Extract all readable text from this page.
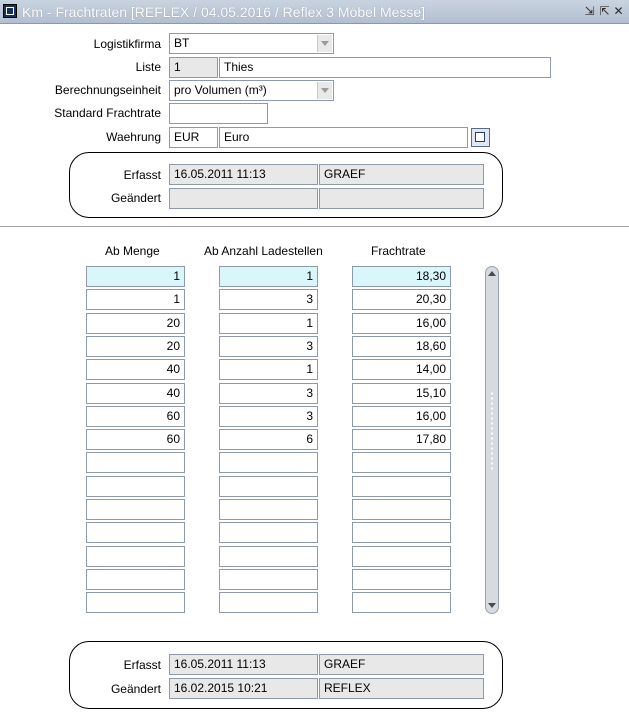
Km - Frachtraten [REFLEX / 04.05.2016 / Reflex 3 Möbel Messe]	⇲ ⇱ ✕
Logistikfirma	BT
Liste	1	Thies
Berechnungseinheit	pro Volumen (m³)
Standard Frachtrate
Waehrung	EUR	Euro
Erfasst	16.05.2011 11:13	GRAEF
Geändert
Ab Menge	Ab Anzahl Ladestellen	Frachtrate
1	1	18,30
1	3	20,30
20	1	16,00
20	3	18,60
40	1	14,00
40	3	15,10
60	3	16,00
60	6	17,80
Erfasst	16.05.2011 11:13	GRAEF
Geändert	16.02.2015 10:21	REFLEX
